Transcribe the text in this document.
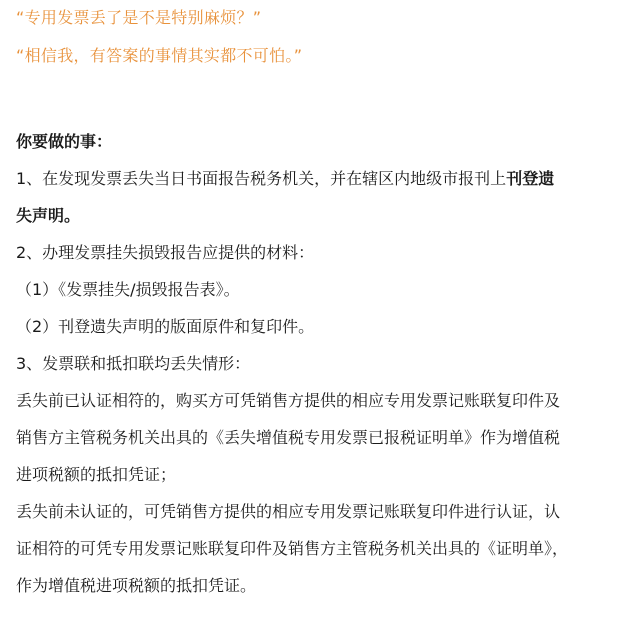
“专用发票丢了是不是特别麻烦？”
“相信我，有答案的事情其实都不可怕。”
你要做的事：
1、在发现发票丢失当日书面报告税务机关，并在辖区内地级市报刊上刊登遗
失声明。
2、办理发票挂失损毁报告应提供的材料：
（1）《发票挂失/损毁报告表》。
（2）刊登遗失声明的版面原件和复印件。
3、发票联和抵扣联均丢失情形：
丢失前已认证相符的，购买方可凭销售方提供的相应专用发票记账联复印件及
销售方主管税务机关出具的《丢失增值税专用发票已报税证明单》作为增值税
进项税额的抵扣凭证；
丢失前未认证的，可凭销售方提供的相应专用发票记账联复印件进行认证，认
证相符的可凭专用发票记账联复印件及销售方主管税务机关出具的《证明单》，
作为增值税进项税额的抵扣凭证。
